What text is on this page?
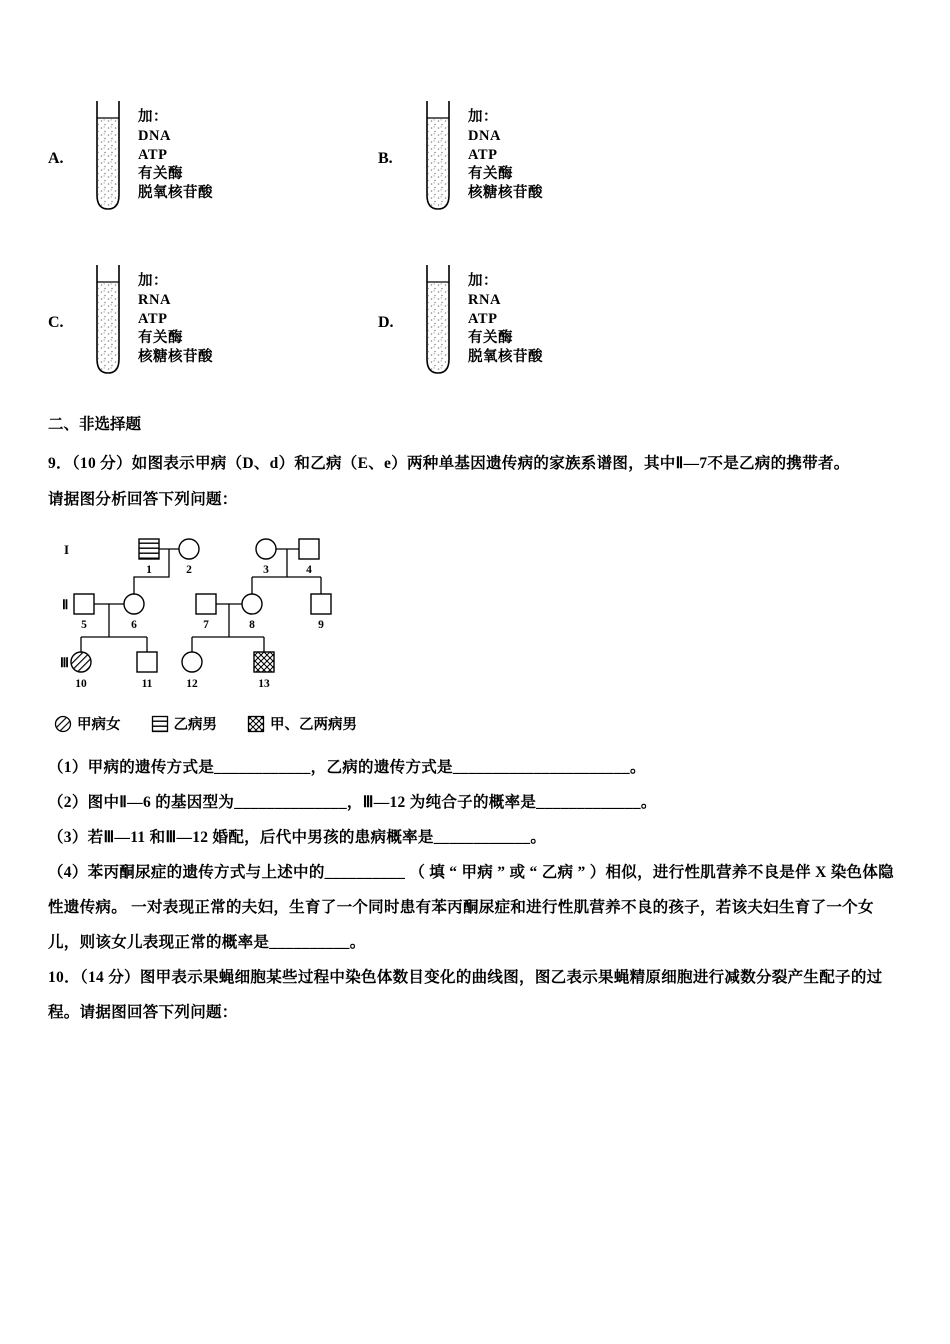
A.
加：
DNA
ATP
有关酶
脱氧核苷酸
B.
加：
DNA
ATP
有关酶
核糖核苷酸
C.
加：
RNA
ATP
有关酶
核糖核苷酸
D.
加：
RNA
ATP
有关酶
脱氧核苷酸
二、非选择题

9．（10 分）如图表示甲病（D、d）和乙病（E、e）两种单基因遗传病的家族系谱图，其中Ⅱ—7不是乙病的携带者。

请据图分析回答下列问题：

I
Ⅱ
Ⅲ
1	2	3	4
5	6	7	8	9
10	11	12	13
甲病女	乙病男	甲、乙两病男

（1）甲病的遗传方式是____________，乙病的遗传方式是______________________。

（2）图中Ⅱ—6 的基因型为______________，Ⅲ—12 为纯合子的概率是_____________。

（3）若Ⅲ—11 和Ⅲ—12 婚配，后代中男孩的患病概率是____________。

（4）苯丙酮尿症的遗传方式与上述中的__________ （ 填 “ 甲病 ” 或 “ 乙病 ” ）相似，进行性肌营养不良是伴 X 染色体隐性遗传病。 一对表现正常的夫妇，生育了一个同时患有苯丙酮尿症和进行性肌营养不良的孩子，若该夫妇生育了一个女儿，则该女儿表现正常的概率是__________。

10．（14 分）图甲表示果蝇细胞某些过程中染色体数目变化的曲线图，图乙表示果蝇精原细胞进行减数分裂产生配子的过程。请据图回答下列问题：
